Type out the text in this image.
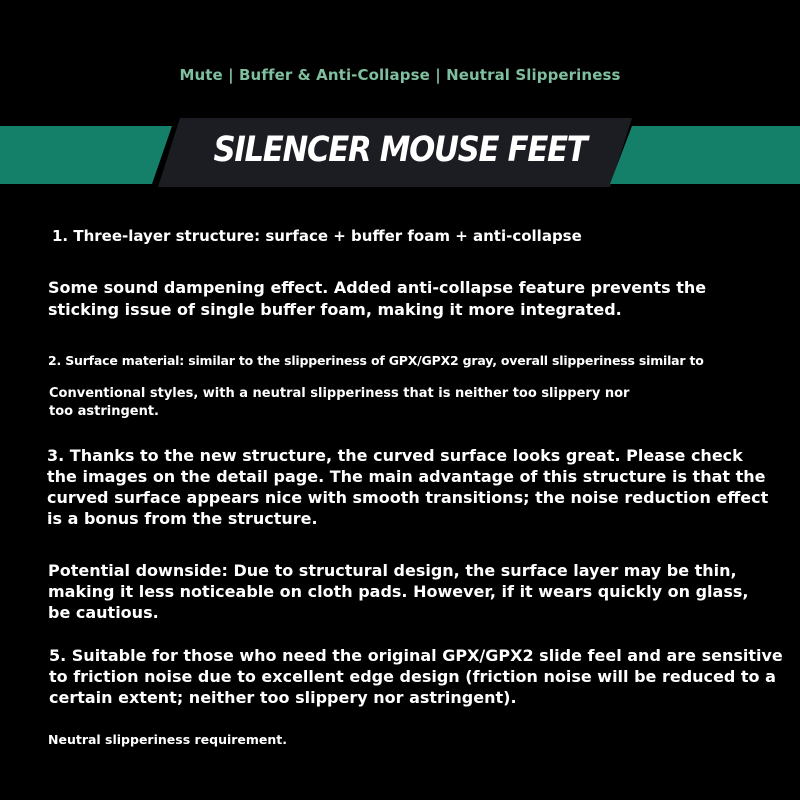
Mute | Buffer & Anti-Collapse | Neutral Slipperiness
SILENCER MOUSE FEET

1. Three-layer structure: surface + buffer foam + anti-collapse

Some sound dampening effect. Added anti-collapse feature prevents the sticking issue of single buffer foam, making it more integrated.

2. Surface material: similar to the slipperiness of GPX/GPX2 gray, overall slipperiness similar to

Conventional styles, with a neutral slipperiness that is neither too slippery nor too astringent.

3. Thanks to the new structure, the curved surface looks great. Please check the images on the detail page. The main advantage of this structure is that the curved surface appears nice with smooth transitions; the noise reduction effect is a bonus from the structure.

Potential downside: Due to structural design, the surface layer may be thin, making it less noticeable on cloth pads. However, if it wears quickly on glass, be cautious.

5. Suitable for those who need the original GPX/GPX2 slide feel and are sensitive to friction noise due to excellent edge design (friction noise will be reduced to a certain extent; neither too slippery nor astringent).

Neutral slipperiness requirement.
